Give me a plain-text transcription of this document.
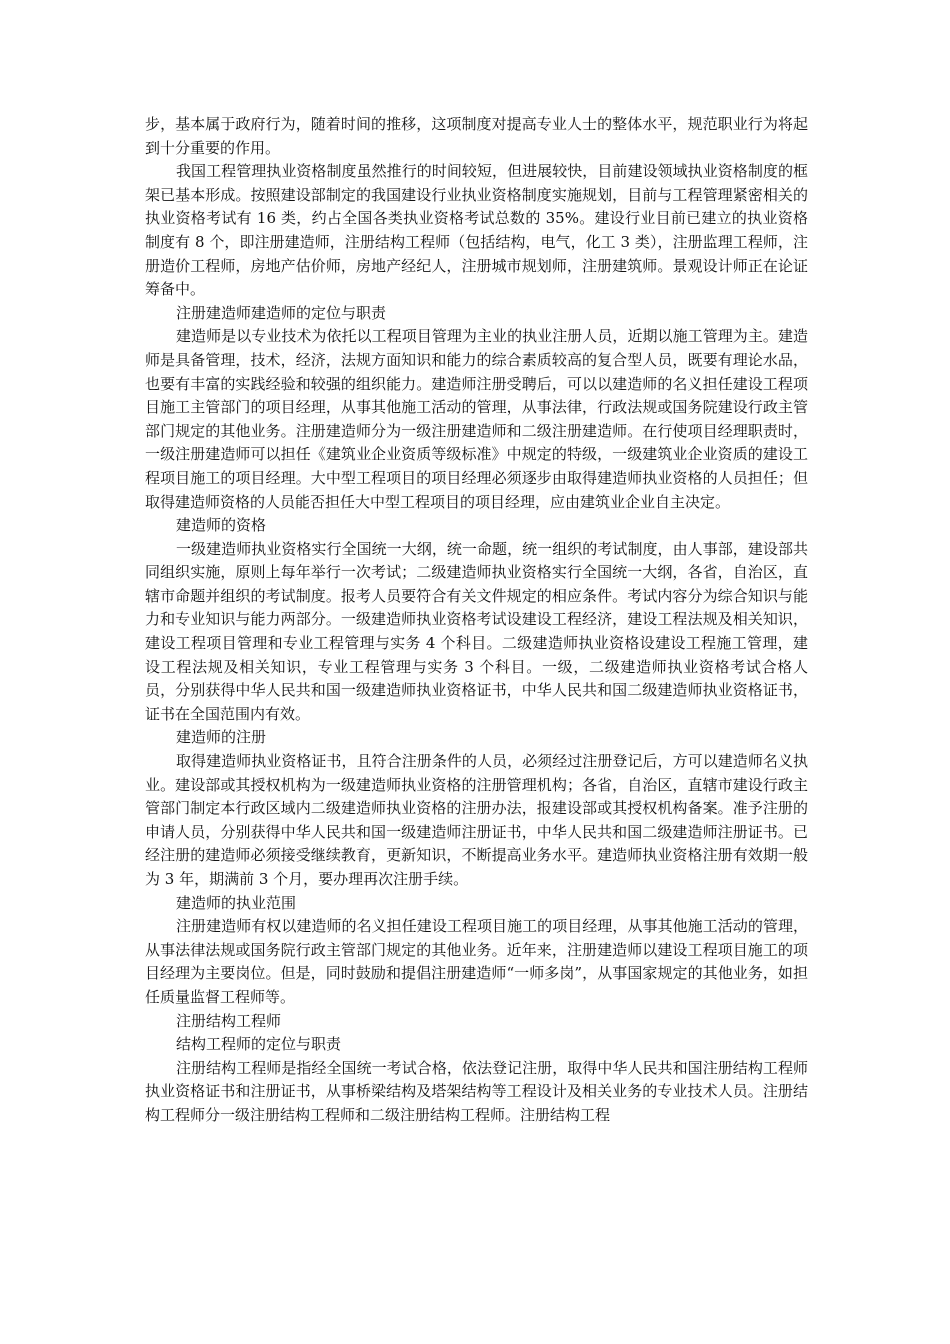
步，基本属于政府行为，随着时间的推移，这项制度对提高专业人士的整体水平，规范职业行为将起到十分重要的作用。

我国工程管理执业资格制度虽然推行的时间较短，但进展较快，目前建设领域执业资格制度的框架已基本形成。按照建设部制定的我国建设行业执业资格制度实施规划，目前与工程管理紧密相关的执业资格考试有 16 类，约占全国各类执业资格考试总数的 35%。建设行业目前已建立的执业资格制度有 8 个，即注册建造师，注册结构工程师（包括结构，电气，化工 3 类），注册监理工程师，注册造价工程师，房地产估价师，房地产经纪人，注册城市规划师，注册建筑师。景观设计师正在论证筹备中。

注册建造师建造师的定位与职责

建造师是以专业技术为依托以工程项目管理为主业的执业注册人员，近期以施工管理为主。建造师是具备管理，技术，经济，法规方面知识和能力的综合素质较高的复合型人员，既要有理论水品，也要有丰富的实践经验和较强的组织能力。建造师注册受聘后，可以以建造师的名义担任建设工程项目施工主管部门的项目经理，从事其他施工活动的管理，从事法律，行政法规或国务院建设行政主管部门规定的其他业务。注册建造师分为一级注册建造师和二级注册建造师。在行使项目经理职责时，一级注册建造师可以担任《建筑业企业资质等级标准》中规定的特级，一级建筑业企业资质的建设工程项目施工的项目经理。大中型工程项目的项目经理必须逐步由取得建造师执业资格的人员担任；但取得建造师资格的人员能否担任大中型工程项目的项目经理，应由建筑业企业自主决定。

建造师的资格

一级建造师执业资格实行全国统一大纲，统一命题，统一组织的考试制度，由人事部，建设部共同组织实施，原则上每年举行一次考试；二级建造师执业资格实行全国统一大纲，各省，自治区，直辖市命题并组织的考试制度。报考人员要符合有关文件规定的相应条件。考试内容分为综合知识与能力和专业知识与能力两部分。一级建造师执业资格考试设建设工程经济，建设工程法规及相关知识，建设工程项目管理和专业工程管理与实务 4 个科目。二级建造师执业资格设建设工程施工管理，建设工程法规及相关知识，专业工程管理与实务 3 个科目。一级，二级建造师执业资格考试合格人员，分别获得中华人民共和国一级建造师执业资格证书，中华人民共和国二级建造师执业资格证书，证书在全国范围内有效。

建造师的注册

取得建造师执业资格证书，且符合注册条件的人员，必须经过注册登记后，方可以建造师名义执业。建设部或其授权机构为一级建造师执业资格的注册管理机构；各省，自治区，直辖市建设行政主管部门制定本行政区域内二级建造师执业资格的注册办法，报建设部或其授权机构备案。准予注册的申请人员，分别获得中华人民共和国一级建造师注册证书，中华人民共和国二级建造师注册证书。已经注册的建造师必须接受继续教育，更新知识，不断提高业务水平。建造师执业资格注册有效期一般为 3 年，期满前 3 个月，要办理再次注册手续。

建造师的执业范围

注册建造师有权以建造师的名义担任建设工程项目施工的项目经理，从事其他施工活动的管理，从事法律法规或国务院行政主管部门规定的其他业务。近年来，注册建造师以建设工程项目施工的项目经理为主要岗位。但是，同时鼓励和提倡注册建造师“一师多岗”，从事国家规定的其他业务，如担任质量监督工程师等。

注册结构工程师

结构工程师的定位与职责

注册结构工程师是指经全国统一考试合格，依法登记注册，取得中华人民共和国注册结构工程师执业资格证书和注册证书，从事桥梁结构及塔架结构等工程设计及相关业务的专业技术人员。注册结构工程师分一级注册结构工程师和二级注册结构工程师。注册结构工程
